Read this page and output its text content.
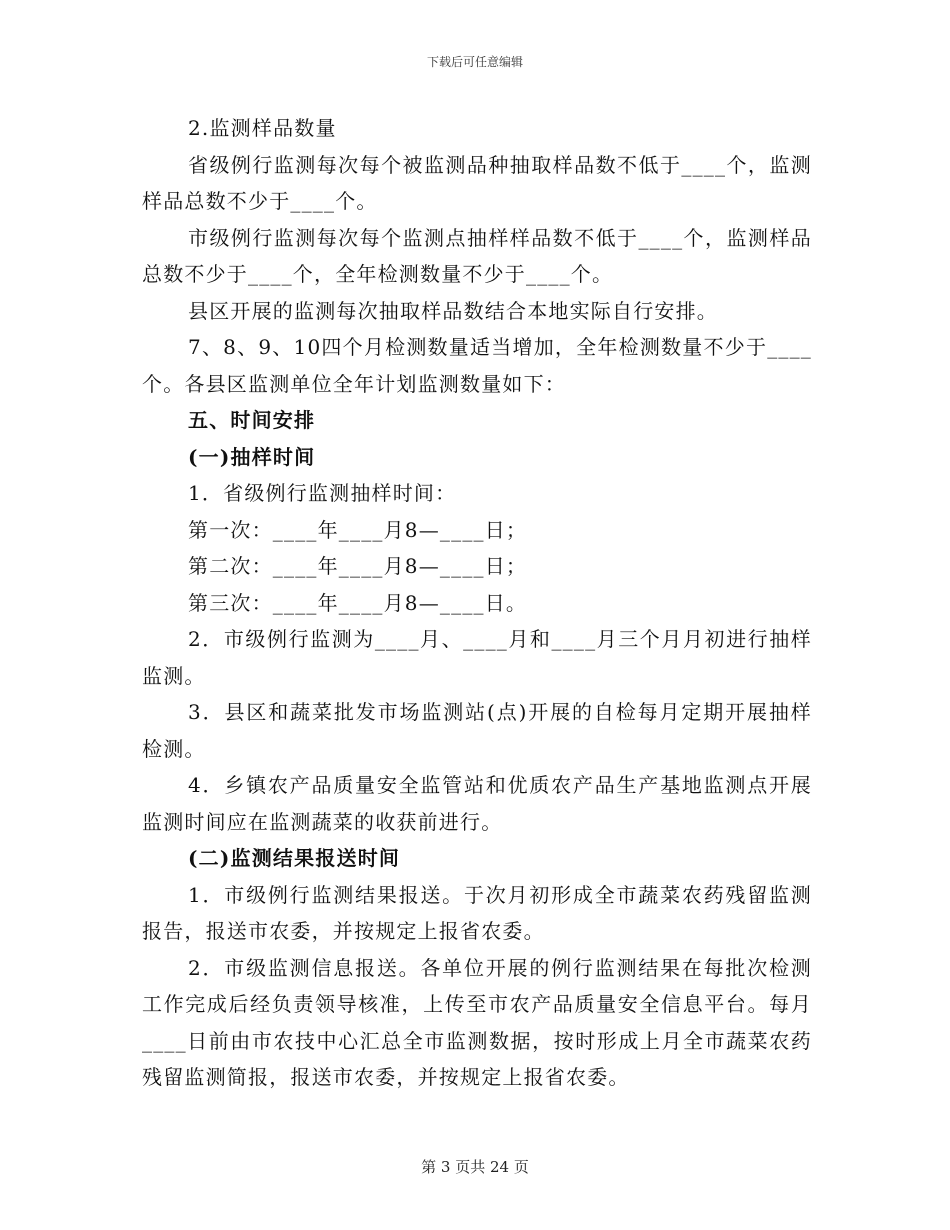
下载后可任意编辑

2.监测样品数量

省级例行监测每次每个被监测品种抽取样品数不低于____个，监测样品总数不少于____个。

市级例行监测每次每个监测点抽样样品数不低于____个，监测样品总数不少于____个，全年检测数量不少于____个。

县区开展的监测每次抽取样品数结合本地实际自行安排。

7、8、9、10四个月检测数量适当增加，全年检测数量不少于____个。各县区监测单位全年计划监测数量如下：

五、时间安排

(一)抽样时间

1．省级例行监测抽样时间：

第一次：____年____月8—____日；

第二次：____年____月8—____日；

第三次：____年____月8—____日。

2．市级例行监测为____月、____月和____月三个月月初进行抽样监测。

3．县区和蔬菜批发市场监测站(点)开展的自检每月定期开展抽样检测。

4．乡镇农产品质量安全监管站和优质农产品生产基地监测点开展监测时间应在监测蔬菜的收获前进行。

(二)监测结果报送时间

1．市级例行监测结果报送。于次月初形成全市蔬菜农药残留监测报告，报送市农委，并按规定上报省农委。

2．市级监测信息报送。各单位开展的例行监测结果在每批次检测工作完成后经负责领导核准，上传至市农产品质量安全信息平台。每月____日前由市农技中心汇总全市监测数据，按时形成上月全市蔬菜农药残留监测简报，报送市农委，并按规定上报省农委。

第 3 页共 24 页
